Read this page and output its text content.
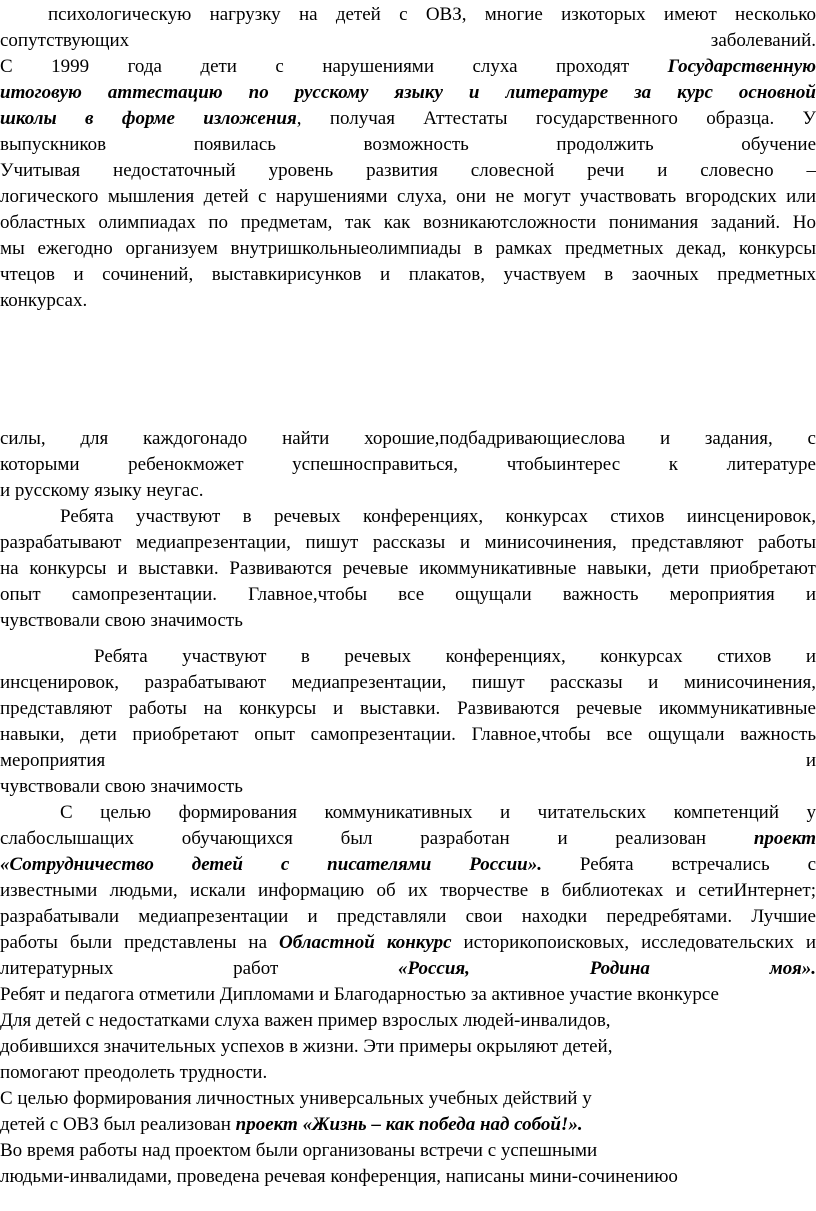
психологическую нагрузку на детей с ОВЗ, многие изкоторых имеют несколько
сопутствующих заболеваний.
С 1999 года дети с нарушениями слуха проходят Государственную
итоговую аттестацию по русскому языку и литературе за курс основной
школы в форме изложения, получая Аттестаты государственного образца. У
выпускников появилась возможность продолжить обучение
Учитывая недостаточный уровень развития словесной речи и словесно –
логического мышления детей с нарушениями слуха, они не могут участвовать вгородских или
областных олимпиадах по предметам, так как возникаютсложности понимания заданий. Но
мы ежегодно организуем внутришкольныеолимпиады в рамках предметных декад, конкурсы
чтецов и сочинений, выставкирисунков и плакатов, участвуем в заочных предметных
конкурсах.
силы, для каждогонадо найти хорошие,подбадривающиеслова и задания, с
которыми ребенокможет успешносправиться, чтобыинтерес к литературе
и русскому языку неугас.
Ребята участвуют в речевых конференциях, конкурсах стихов иинсценировок,
разрабатывают медиапрезентации, пишут рассказы и минисочинения, представляют работы
на конкурсы и выставки. Развиваются речевые икоммуникативные навыки, дети приобретают
опыт самопрезентации. Главное,чтобы все ощущали важность мероприятия и
чувствовали свою значимость
Ребята участвуют в речевых конференциях, конкурсах стихов и
инсценировок, разрабатывают медиапрезентации, пишут рассказы и минисочинения,
представляют работы на конкурсы и выставки. Развиваются речевые икоммуникативные
навыки, дети приобретают опыт самопрезентации. Главное,чтобы все ощущали важность
мероприятия и
чувствовали свою значимость
С целью формирования коммуникативных и читательских компетенций у
слабослышащих обучающихся был разработан и реализован проект
«Сотрудничество детей с писателями России». Ребята встречались с
известными людьми, искали информацию об их творчестве в библиотеках и сетиИнтернет;
разрабатывали медиапрезентации и представляли свои находки передребятами. Лучшие
работы были представлены на Областной конкурс историкопоисковых, исследовательских и
литературных работ «Россия, Родина моя».
Ребят и педагога отметили Дипломами и Благодарностью за активное участие вконкурсе
Для детей с недостатками слуха важен пример взрослых людей-инвалидов,
добившихся значительных успехов в жизни. Эти примеры окрыляют детей,
помогают преодолеть трудности.
С целью формирования личностных универсальных учебных действий у
детей с ОВЗ был реализован проект «Жизнь – как победа над собой!».
Во время работы над проектом были организованы встречи с успешными
людьми-инвалидами, проведена речевая конференция, написаны мини-сочинениюо
